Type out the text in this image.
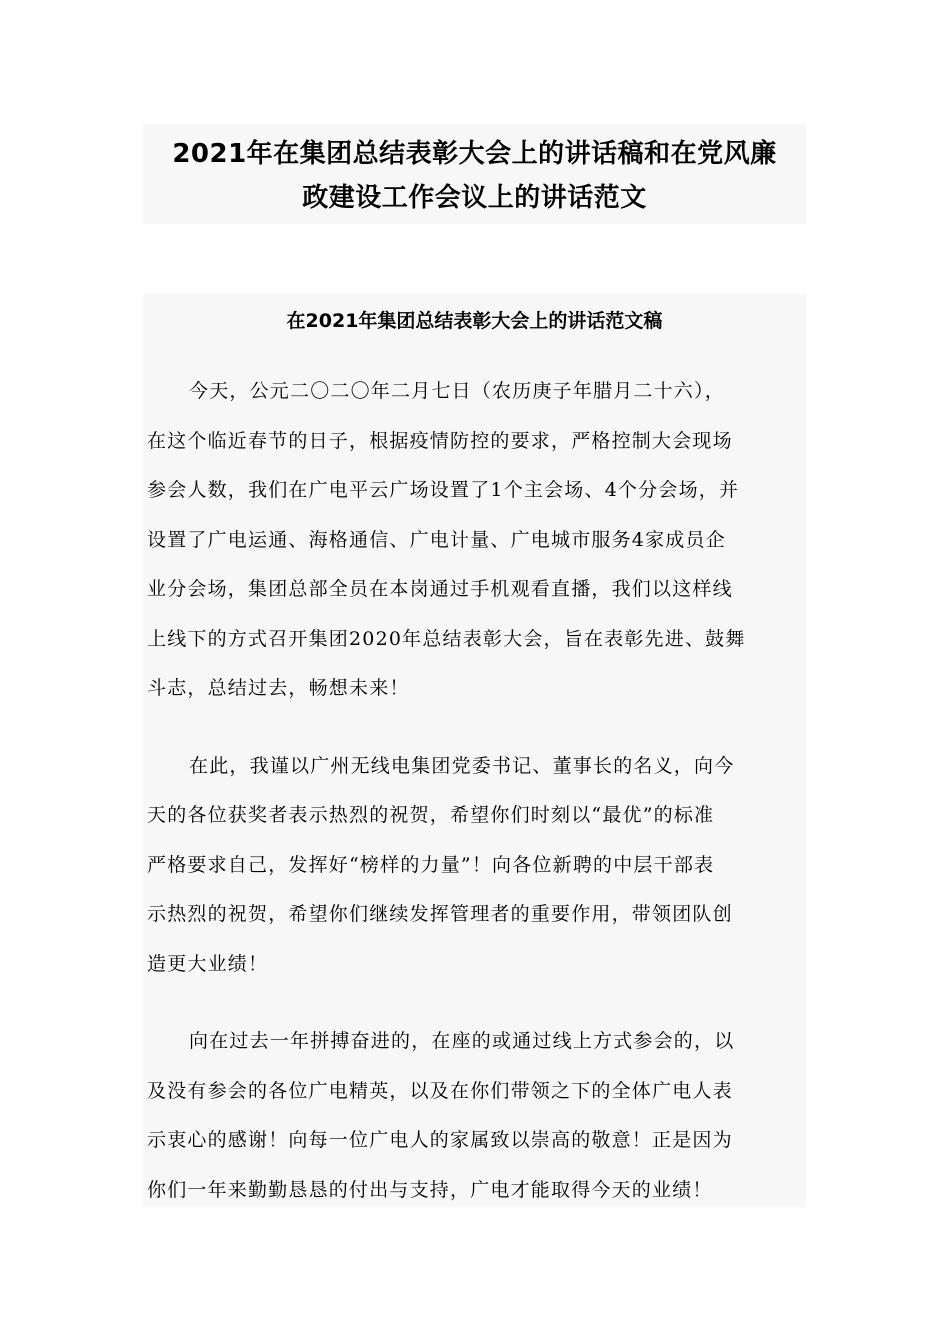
2021年在集团总结表彰大会上的讲话稿和在党风廉
政建设工作会议上的讲话范文
在2021年集团总结表彰大会上的讲话范文稿
今天，公元二〇二〇年二月七日（农历庚子年腊月二十六），
在这个临近春节的日子，根据疫情防控的要求，严格控制大会现场
参会人数，我们在广电平云广场设置了1个主会场、4个分会场，并
设置了广电运通、海格通信、广电计量、广电城市服务4家成员企
业分会场，集团总部全员在本岗通过手机观看直播，我们以这样线
上线下的方式召开集团2020年总结表彰大会，旨在表彰先进、鼓舞
斗志，总结过去，畅想未来！
在此，我谨以广州无线电集团党委书记、董事长的名义，向今
天的各位获奖者表示热烈的祝贺，希望你们时刻以“最优”的标准
严格要求自己，发挥好“榜样的力量”！向各位新聘的中层干部表
示热烈的祝贺，希望你们继续发挥管理者的重要作用，带领团队创
造更大业绩！
向在过去一年拼搏奋进的，在座的或通过线上方式参会的，以
及没有参会的各位广电精英，以及在你们带领之下的全体广电人表
示衷心的感谢！向每一位广电人的家属致以崇高的敬意！正是因为
你们一年来勤勤恳恳的付出与支持，广电才能取得今天的业绩！
